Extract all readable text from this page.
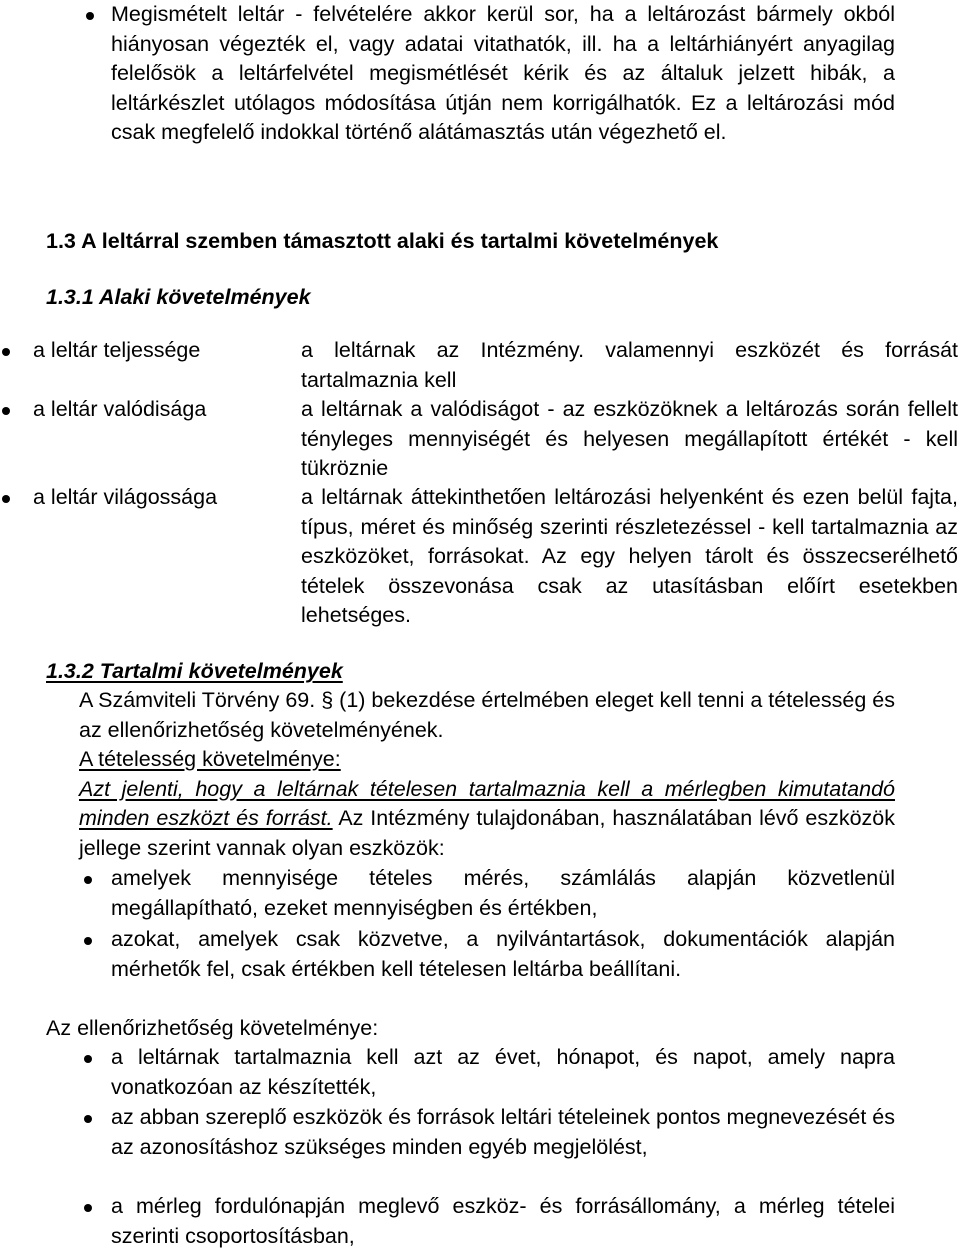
Megismételt leltár - felvételére akkor kerül sor, ha a leltározást bármely okból hiányosan végezték el, vagy adatai vitathatók, ill. ha a leltárhiányért anyagilag felelősök a leltárfelvétel megismétlését kérik és az általuk jelzett hibák, a leltárkészlet utólagos módosítása útján nem korrigálhatók. Ez a leltározási mód csak megfelelő indokkal történő alátámasztás után végezhető el.
1.3 A leltárral szemben támasztott alaki és tartalmi követelmények
1.3.1 Alaki követelmények
a leltár teljessége	a leltárnak az Intézmény. valamennyi eszközét és forrását tartalmaznia kell
a leltár valódisága	a leltárnak a valódiságot - az eszközöknek a leltározás során fellelt tényleges mennyiségét és helyesen megállapított értékét - kell tükröznie
a leltár világossága	a leltárnak áttekinthetően leltározási helyenként és ezen belül fajta, típus, méret és minőség szerinti részletezéssel - kell tartalmaznia az eszközöket, forrásokat. Az egy helyen tárolt és összecserélhető tételek összevonása csak az utasításban előírt esetekben lehetséges.
1.3.2 Tartalmi követelmények
A Számviteli Törvény 69. § (1) bekezdése értelmében eleget kell tenni a tételesség és az ellenőrizhetőség követelményének.
A tételesség követelménye:
Azt jelenti, hogy a leltárnak tételesen tartalmaznia kell a mérlegben kimutatandó minden eszközt és forrást. Az Intézmény tulajdonában, használatában lévő eszközök jellege szerint vannak olyan eszközök:
amelyek mennyisége tételes mérés, számlálás alapján közvetlenül megállapítható, ezeket mennyiségben és értékben,
azokat, amelyek csak közvetve, a nyilvántartások, dokumentációk alapján mérhetők fel, csak értékben kell tételesen leltárba beállítani.
Az ellenőrizhetőség követelménye:
a leltárnak tartalmaznia kell azt az évet, hónapot, és napot, amely napra vonatkozóan az készítették,
az abban szereplő eszközök és források leltári tételeinek pontos megnevezését és az azonosításhoz szükséges minden egyéb megjelölést,
a mérleg fordulónapján meglevő eszköz- és forrásállomány, a mérleg tételei szerinti csoportosításban,
